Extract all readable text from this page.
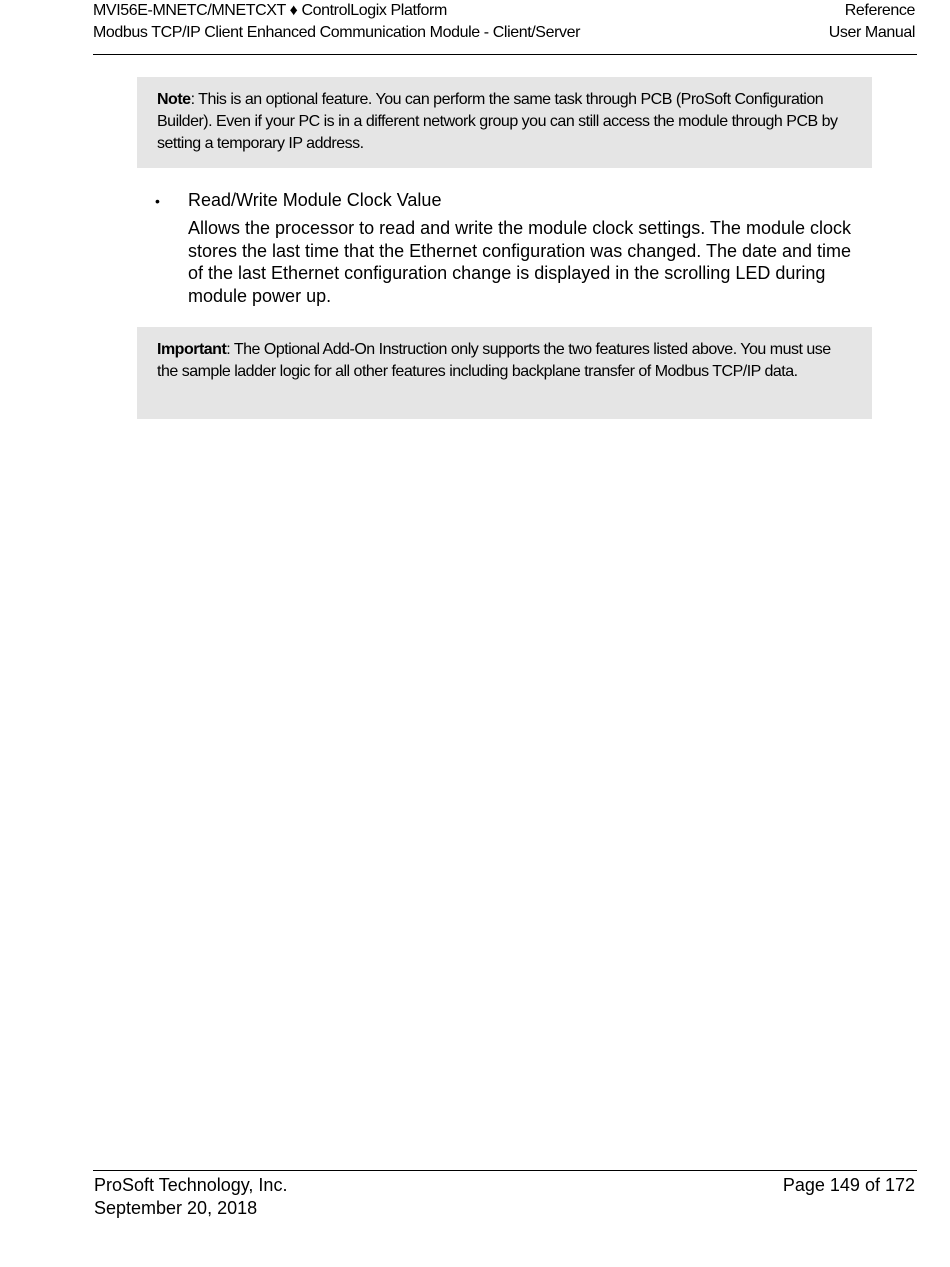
MVI56E-MNETC/MNETCXT ♦ ControlLogix Platform
Modbus TCP/IP Client Enhanced Communication Module - Client/Server
Reference
User Manual
Note: This is an optional feature. You can perform the same task through PCB (ProSoft Configuration Builder). Even if your PC is in a different network group you can still access the module through PCB by setting a temporary IP address.
• Read/Write Module Clock Value
Allows the processor to read and write the module clock settings. The module clock stores the last time that the Ethernet configuration was changed. The date and time of the last Ethernet configuration change is displayed in the scrolling LED during module power up.
Important: The Optional Add-On Instruction only supports the two features listed above. You must use the sample ladder logic for all other features including backplane transfer of Modbus TCP/IP data.
ProSoft Technology, Inc.
September 20, 2018
Page 149 of 172
